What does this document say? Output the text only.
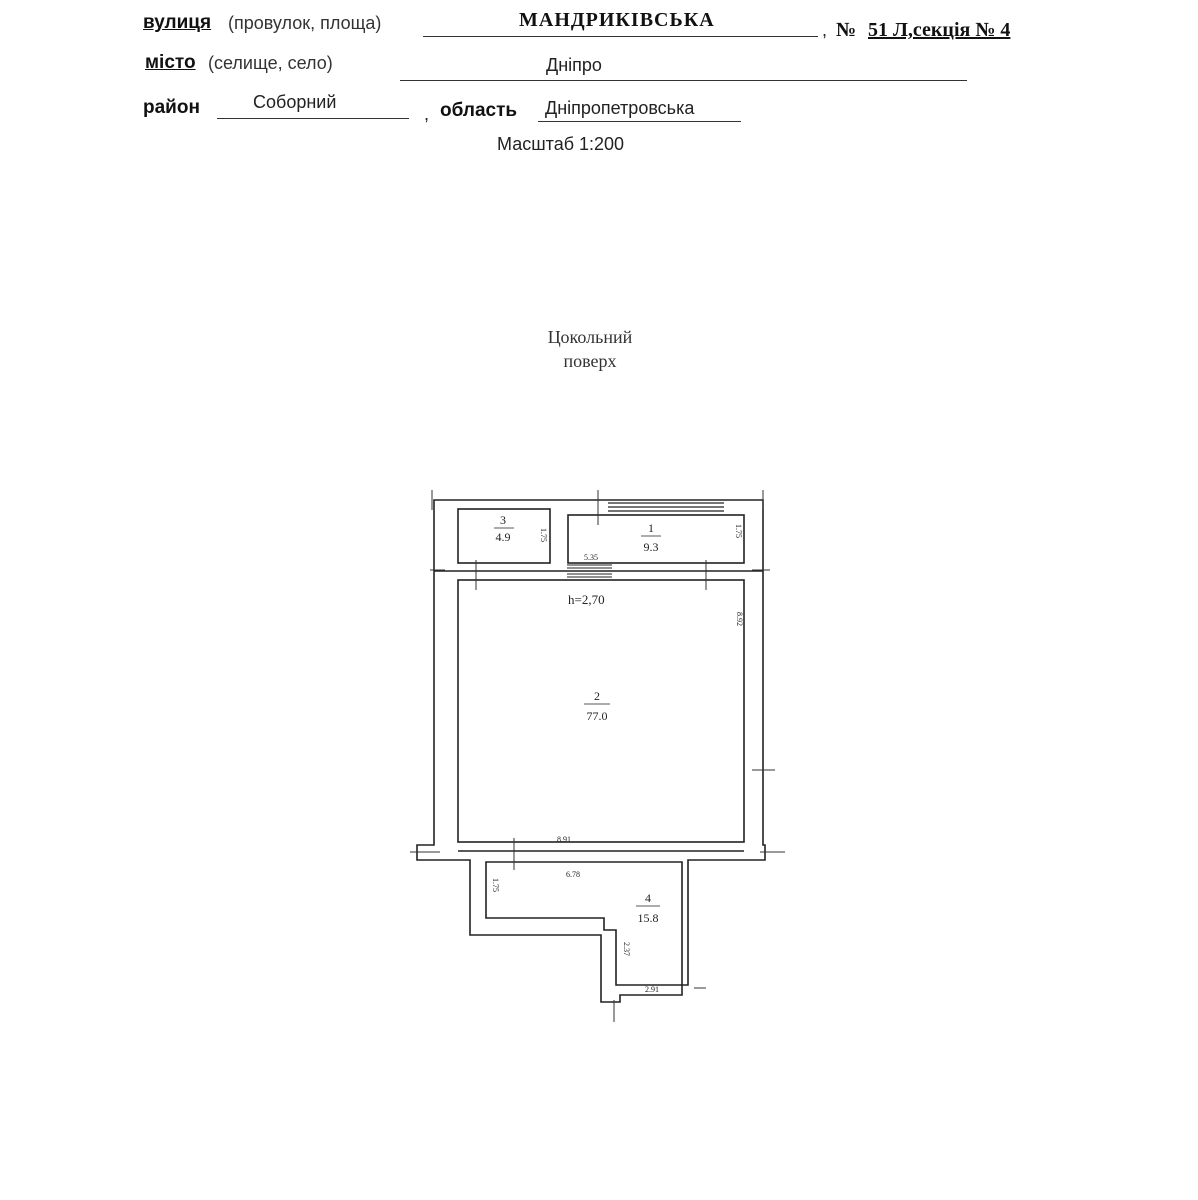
вулиця (провулок, площа)	МАНДРИКІВСЬКА	, № 51 Л,секція № 4
місто (селище, село)	Дніпро
район	Собoрний
, область Дніпропетровська
Масштаб 1:200
Цокольний
поверх
3
4.9
1
9.3
2
77.0
4
15.8
h=2,70
1.75
5.35
1.75
8.92
8.91
6.78
1.75
2.37
2.91
